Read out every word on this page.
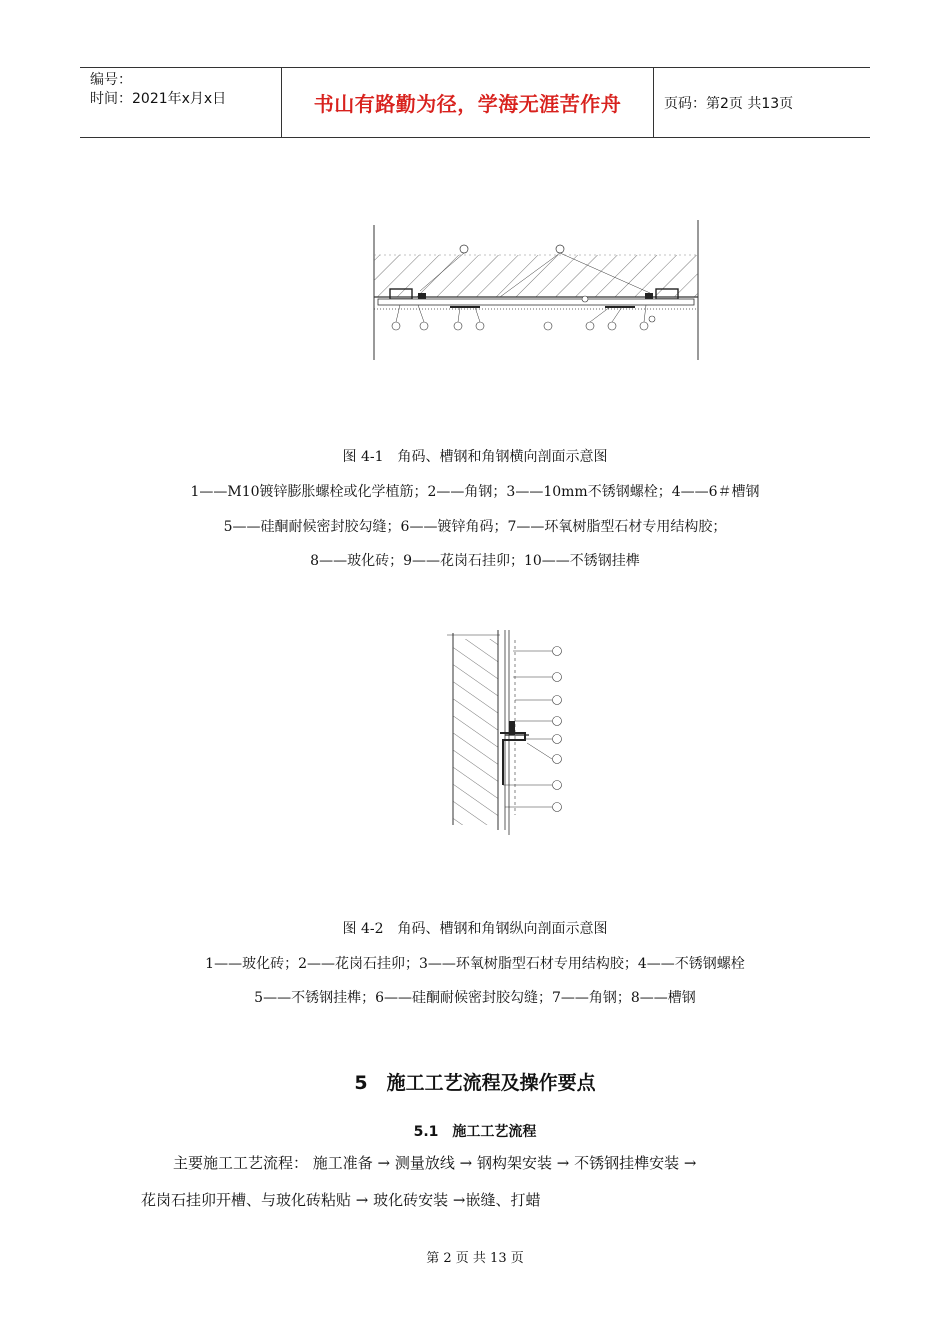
编号：
时间：2021年x月x日	书山有路勤为径，学海无涯苦作舟	页码：第2页 共13页
图 4-1　角码、槽钢和角钢横向剖面示意图
1——M10镀锌膨胀螺栓或化学植筋；2——角钢；3——10mm不锈钢螺栓；4——6＃槽钢
5——硅酮耐候密封胶勾缝；6——镀锌角码；7——环氧树脂型石材专用结构胶；
8——玻化砖；9——花岗石挂卯；10——不锈钢挂榫
图 4-2　角码、槽钢和角钢纵向剖面示意图
1——玻化砖；2——花岗石挂卯；3——环氧树脂型石材专用结构胶；4——不锈钢螺栓
5——不锈钢挂榫；6——硅酮耐候密封胶勾缝；7——角钢；8——槽钢
5　施工工艺流程及操作要点
5.1　施工工艺流程
主要施工工艺流程： 施工准备 → 测量放线 → 钢构架安装 → 不锈钢挂榫安装 →
花岗石挂卯开槽、与玻化砖粘贴 → 玻化砖安装 →嵌缝、打蜡
第 2 页 共 13 页
